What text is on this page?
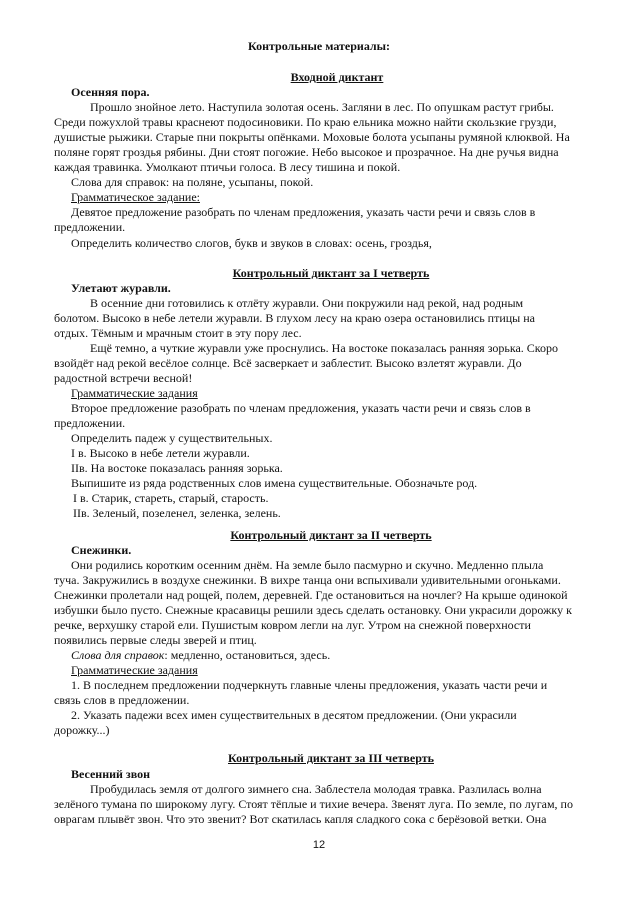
Контрольные материалы:
Входной диктант
Осенняя пора.
Прошло знойное лето. Наступила золотая осень. Загляни в лес. По опушкам растут грибы.
Среди пожухлой травы краснеют подосиновики. По краю ельника можно найти скользкие грузди,
душистые рыжики. Старые пни покрыты опёнками. Моховые болота усыпаны румяной клюквой. На
поляне горят гроздья рябины. Дни стоят погожие. Небо высокое и прозрачное. На дне ручья видна
каждая травинка. Умолкают птичьи голоса. В лесу тишина и покой.
Слова для справок: на поляне, усыпаны, покой.
Грамматическое задание:
Девятое предложение разобрать по членам предложения, указать части речи и связь слов в
предложении.
Определить количество слогов, букв и звуков в словах: осень, гроздья,
Контрольный диктант за I четверть
Улетают журавли.
В осенние дни готовились к отлёту журавли. Они покружили над рекой, над родным
болотом. Высоко в небе летели журавли. В глухом лесу на краю озера остановились птицы на
отдых. Тёмным и мрачным стоит в эту пору лес.
Ещё темно, а чуткие журавли уже проснулись. На востоке показалась ранняя зорька. Скоро
взойдёт над рекой весёлое солнце. Всё засверкает и заблестит. Высоко взлетят журавли. До
радостной встречи весной!
Грамматические задания
Второе предложение разобрать по членам предложения, указать части речи и связь слов в
предложении.
Определить падеж у существительных.
I в. Высоко в небе летели журавли.
IIв. На востоке показалась ранняя зорька.
Выпишите из ряда родственных слов имена существительные. Обозначьте род.
I в. Старик, стареть, старый, старость.
IIв. Зеленый, позеленел, зеленка, зелень.
Контрольный диктант за II четверть
Снежинки.
Они родились коротким осенним днём. На земле было пасмурно и скучно. Медленно плыла
туча. Закружились в воздухе снежинки. В вихре танца они вспыхивали удивительными огоньками.
Снежинки пролетали над рощей, полем, деревней. Где остановиться на ночлег? На крыше одинокой
избушки было пусто. Снежные красавицы решили здесь сделать остановку. Они украсили дорожку к
речке, верхушку старой ели. Пушистым ковром легли на луг. Утром на снежной поверхности
появились первые следы зверей и птиц.
Слова для справок: медленно, остановиться, здесь.
Грамматические задания
1. В последнем предложении подчеркнуть главные члены предложения, указать части речи и
связь слов в предложении.
2. Указать падежи всех имен существительных в десятом предложении. (Они украсили
дорожку...)
Контрольный диктант за III четверть
Весенний звон
Пробудилась земля от долгого зимнего сна. Заблестела молодая травка. Разлилась волна
зелёного тумана по широкому лугу. Стоят тёплые и тихие вечера. Звенят луга. По земле, по лугам, по
оврагам плывёт звон. Что это звенит? Вот скатилась капля сладкого сока с берёзовой ветки. Она
12
